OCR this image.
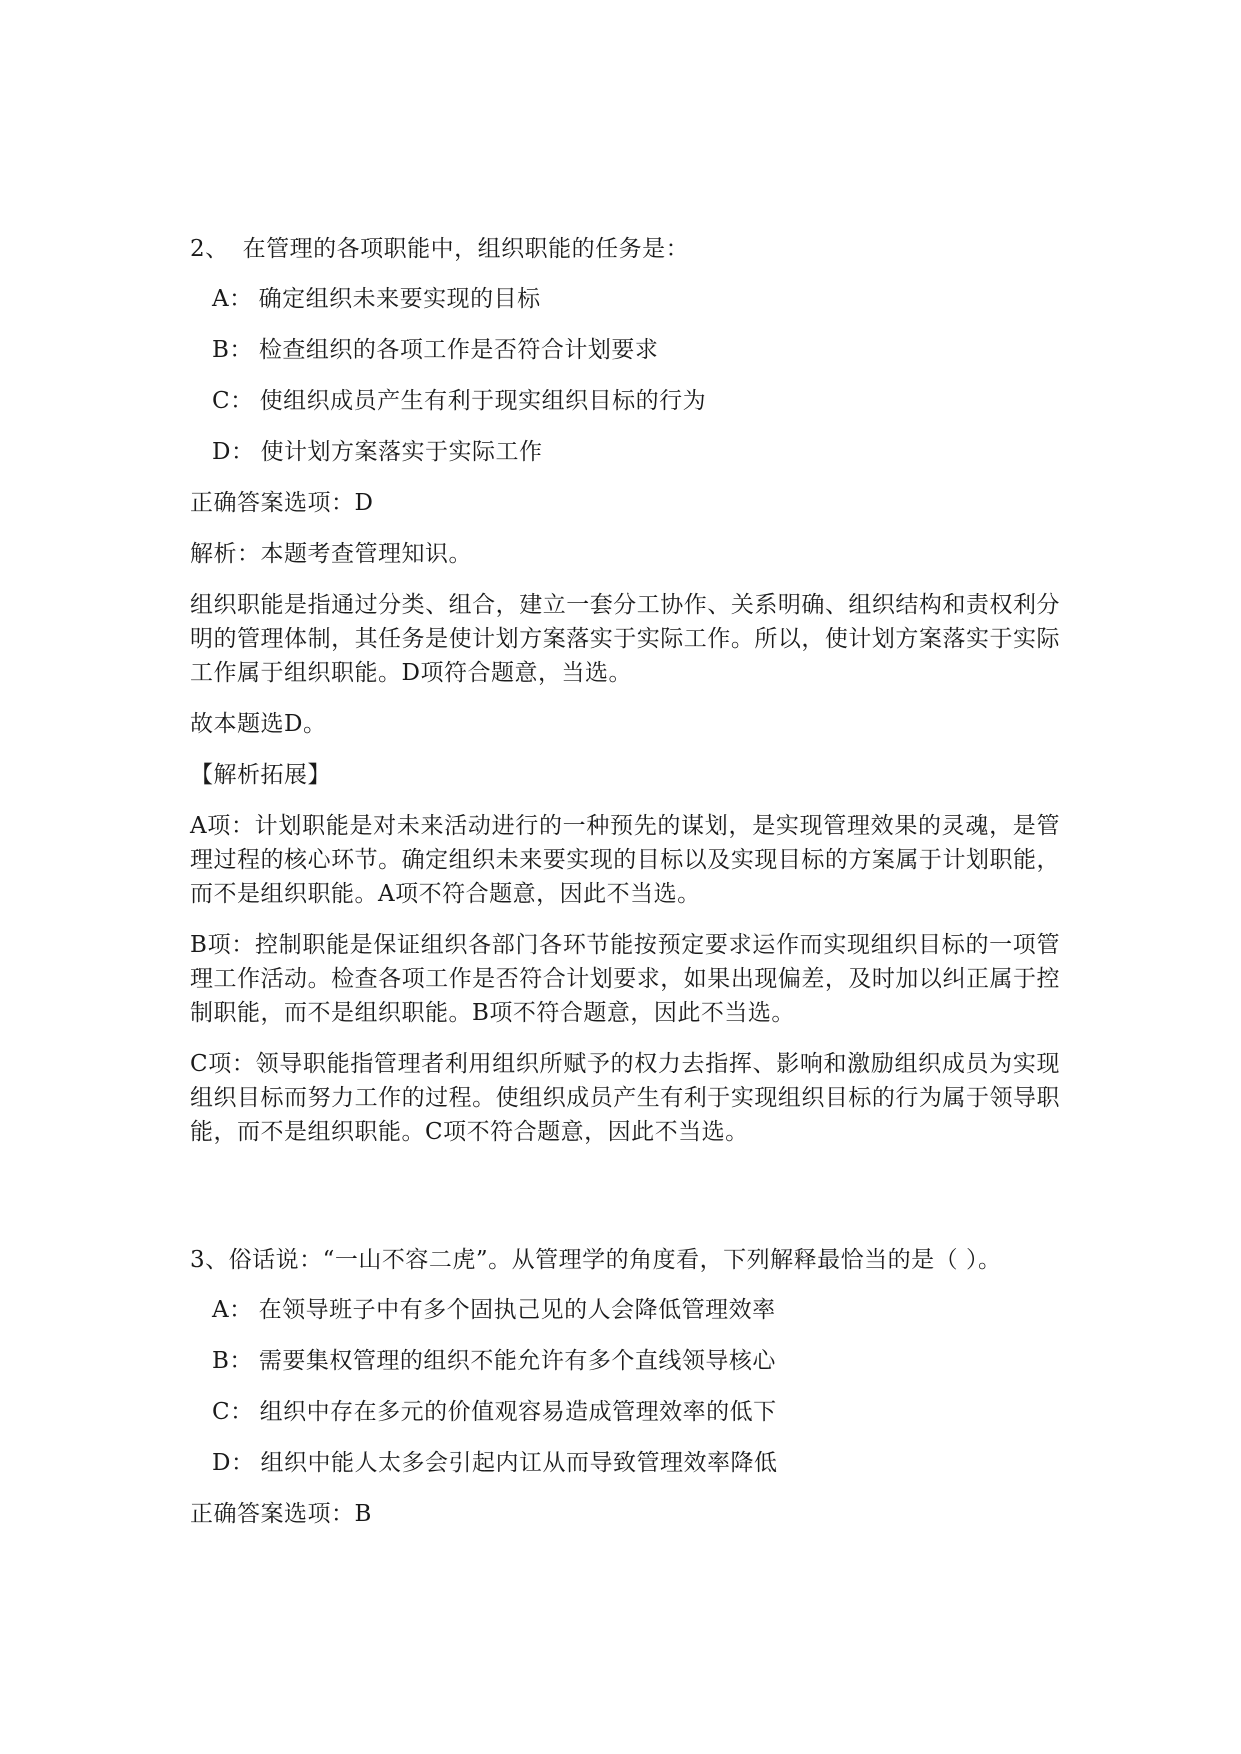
2、 在管理的各项职能中，组织职能的任务是：

A： 确定组织未来要实现的目标
B： 检查组织的各项工作是否符合计划要求
C： 使组织成员产生有利于现实组织目标的行为
D： 使计划方案落实于实际工作

正确答案选项：D

解析：本题考查管理知识。

组织职能是指通过分类、组合，建立一套分工协作、关系明确、组织结构和责权利分明的管理体制，其任务是使计划方案落实于实际工作。所以，使计划方案落实于实际工作属于组织职能。D项符合题意，当选。

故本题选D。

【解析拓展】

A项：计划职能是对未来活动进行的一种预先的谋划，是实现管理效果的灵魂，是管理过程的核心环节。确定组织未来要实现的目标以及实现目标的方案属于计划职能，而不是组织职能。A项不符合题意，因此不当选。

B项：控制职能是保证组织各部门各环节能按预定要求运作而实现组织目标的一项管理工作活动。检查各项工作是否符合计划要求，如果出现偏差，及时加以纠正属于控制职能，而不是组织职能。B项不符合题意，因此不当选。

C项：领导职能指管理者利用组织所赋予的权力去指挥、影响和激励组织成员为实现组织目标而努力工作的过程。使组织成员产生有利于实现组织目标的行为属于领导职能，而不是组织职能。C项不符合题意，因此不当选。

3、俗话说：“一山不容二虎”。从管理学的角度看，下列解释最恰当的是（ ）。

A： 在领导班子中有多个固执己见的人会降低管理效率
B： 需要集权管理的组织不能允许有多个直线领导核心
C： 组织中存在多元的价值观容易造成管理效率的低下
D： 组织中能人太多会引起内讧从而导致管理效率降低

正确答案选项：B
